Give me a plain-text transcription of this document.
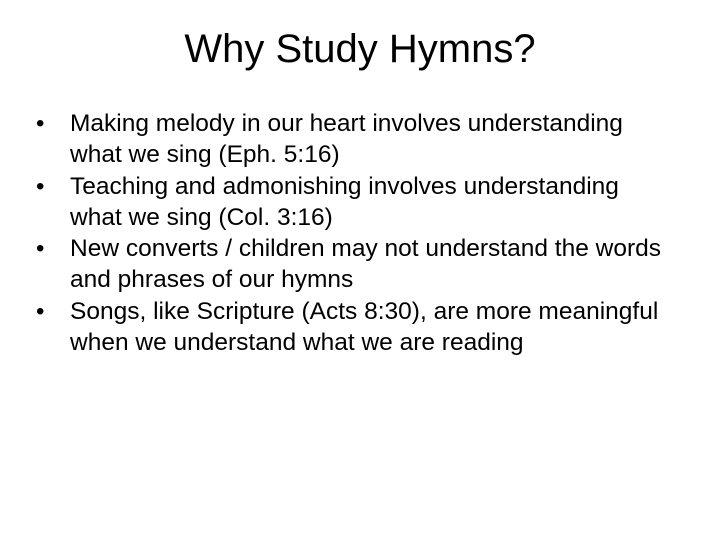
Why Study Hymns?
•	Making melody in our heart involves understanding what we sing (Eph. 5:16)
•	Teaching and admonishing involves understanding what we sing (Col. 3:16)
•	New converts / children may not understand the words and phrases of our hymns
•	Songs, like Scripture (Acts 8:30), are more meaningful when we understand what we are reading
